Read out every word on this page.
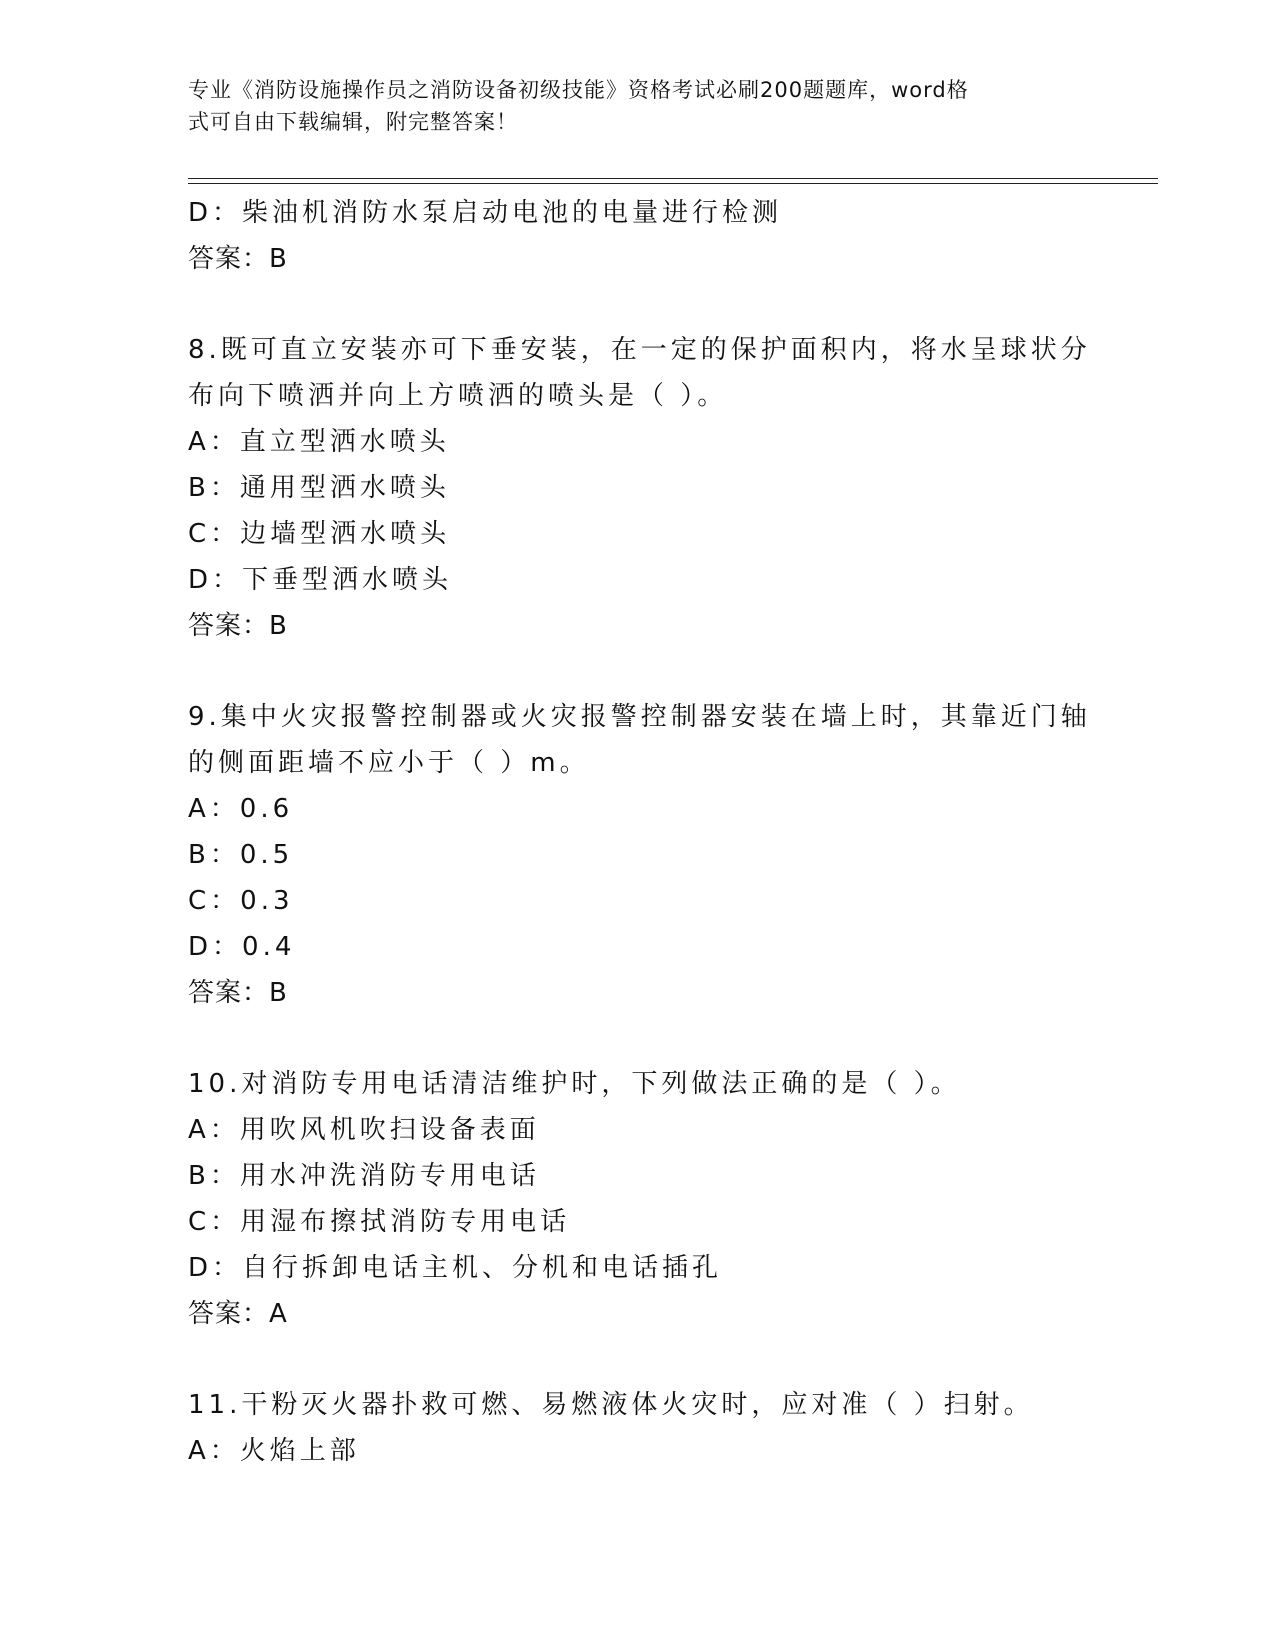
专业《消防设施操作员之消防设备初级技能》资格考试必刷200题题库，word格
式可自由下载编辑，附完整答案！
D：柴油机消防水泵启动电池的电量进行检测
答案：B
8.既可直立安装亦可下垂安装，在一定的保护面积内，将水呈球状分
布向下喷洒并向上方喷洒的喷头是（ ）。
A：直立型洒水喷头
B：通用型洒水喷头
C：边墙型洒水喷头
D：下垂型洒水喷头
答案：B
9.集中火灾报警控制器或火灾报警控制器安装在墙上时，其靠近门轴
的侧面距墙不应小于（ ）m。
A：0.6
B：0.5
C：0.3
D：0.4
答案：B
10.对消防专用电话清洁维护时，下列做法正确的是（ ）。
A：用吹风机吹扫设备表面
B：用水冲洗消防专用电话
C：用湿布擦拭消防专用电话
D：自行拆卸电话主机、分机和电话插孔
答案：A
11.干粉灭火器扑救可燃、易燃液体火灾时，应对准（ ）扫射。
A：火焰上部
